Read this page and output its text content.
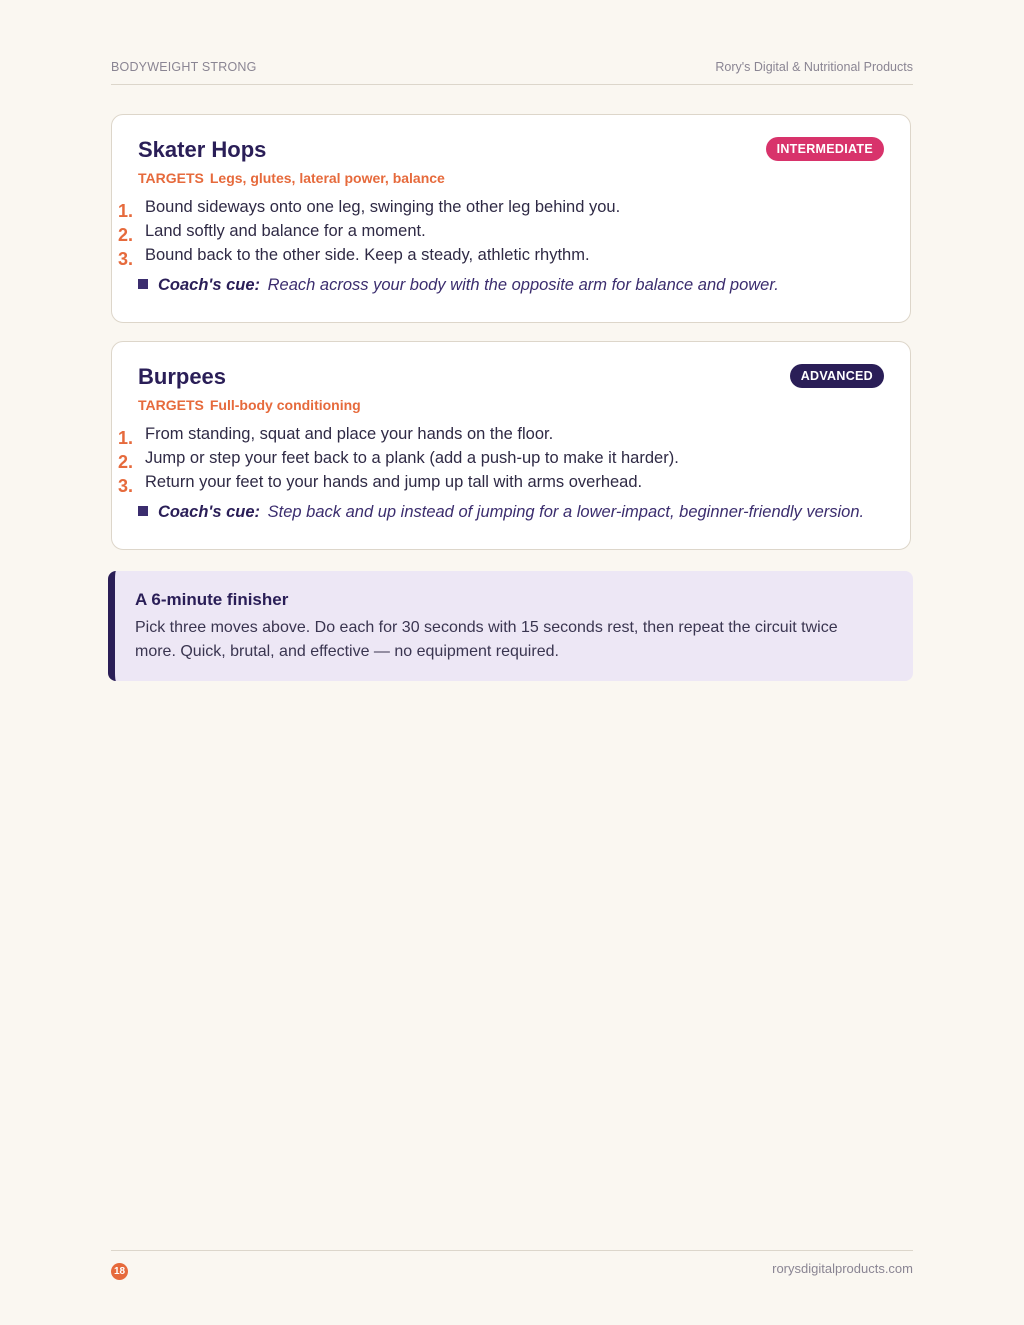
BODYWEIGHT STRONG	Rory's Digital & Nutritional Products
Skater Hops	INTERMEDIATE
TARGETS Legs, glutes, lateral power, balance
1. Bound sideways onto one leg, swinging the other leg behind you.
2. Land softly and balance for a moment.
3. Bound back to the other side. Keep a steady, athletic rhythm.
Coach's cue: Reach across your body with the opposite arm for balance and power.
Burpees	ADVANCED
TARGETS Full-body conditioning
1. From standing, squat and place your hands on the floor.
2. Jump or step your feet back to a plank (add a push-up to make it harder).
3. Return your feet to your hands and jump up tall with arms overhead.
Coach's cue: Step back and up instead of jumping for a lower-impact, beginner-friendly version.
A 6-minute finisher
Pick three moves above. Do each for 30 seconds with 15 seconds rest, then repeat the circuit twice more. Quick, brutal, and effective — no equipment required.
18	rorysdigitalproducts.com
